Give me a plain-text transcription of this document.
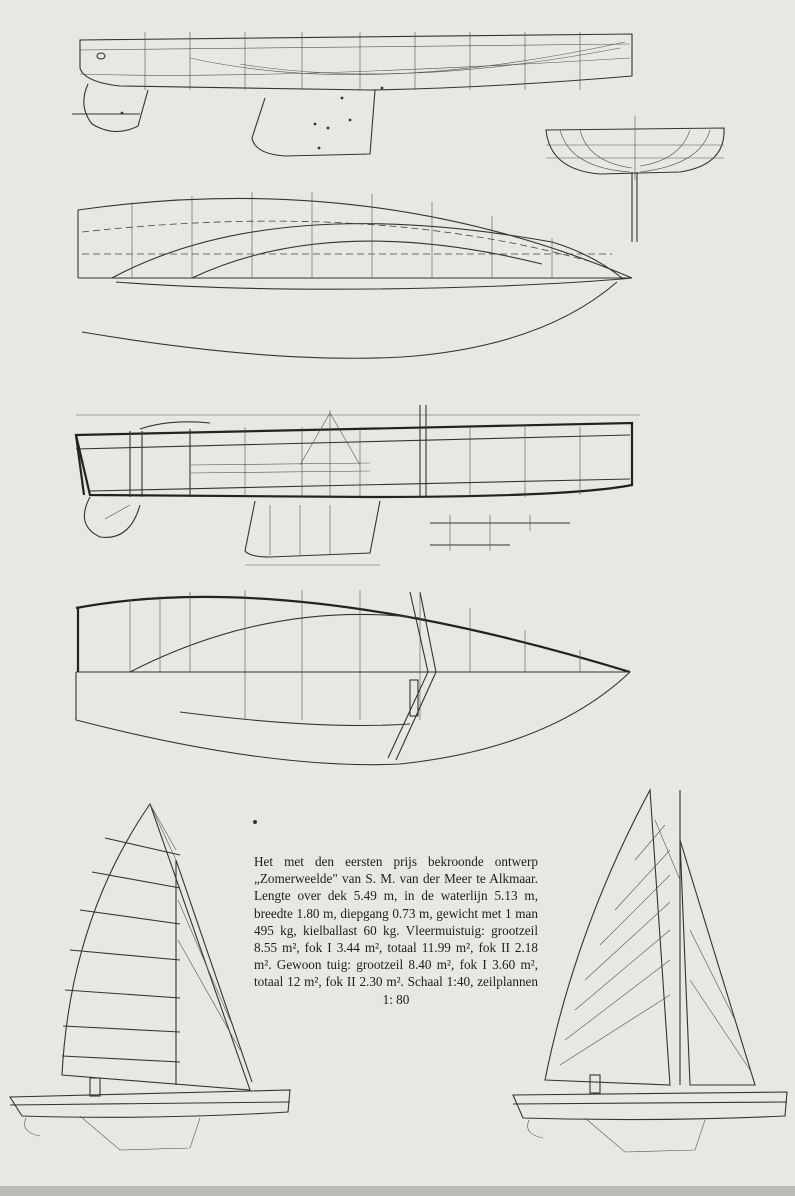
Het met den eersten prijs bekroonde ontwerp „Zomerweelde" van S. M. van der Meer te Alkmaar. Lengte over dek 5.49 m, in de waterlijn 5.13 m, breedte 1.80 m, diepgang 0.73 m, gewicht met 1 man 495 kg, kielballast 60 kg. Vleermuistuig: grootzeil 8.55 m², fok I 3.44 m², totaal 11.99 m², fok II 2.18 m². Gewoon tuig: grootzeil 8.40 m², fok I 3.60 m², totaal 12 m², fok II 2.30 m². Schaal 1:40, zeilplannen 1: 80
